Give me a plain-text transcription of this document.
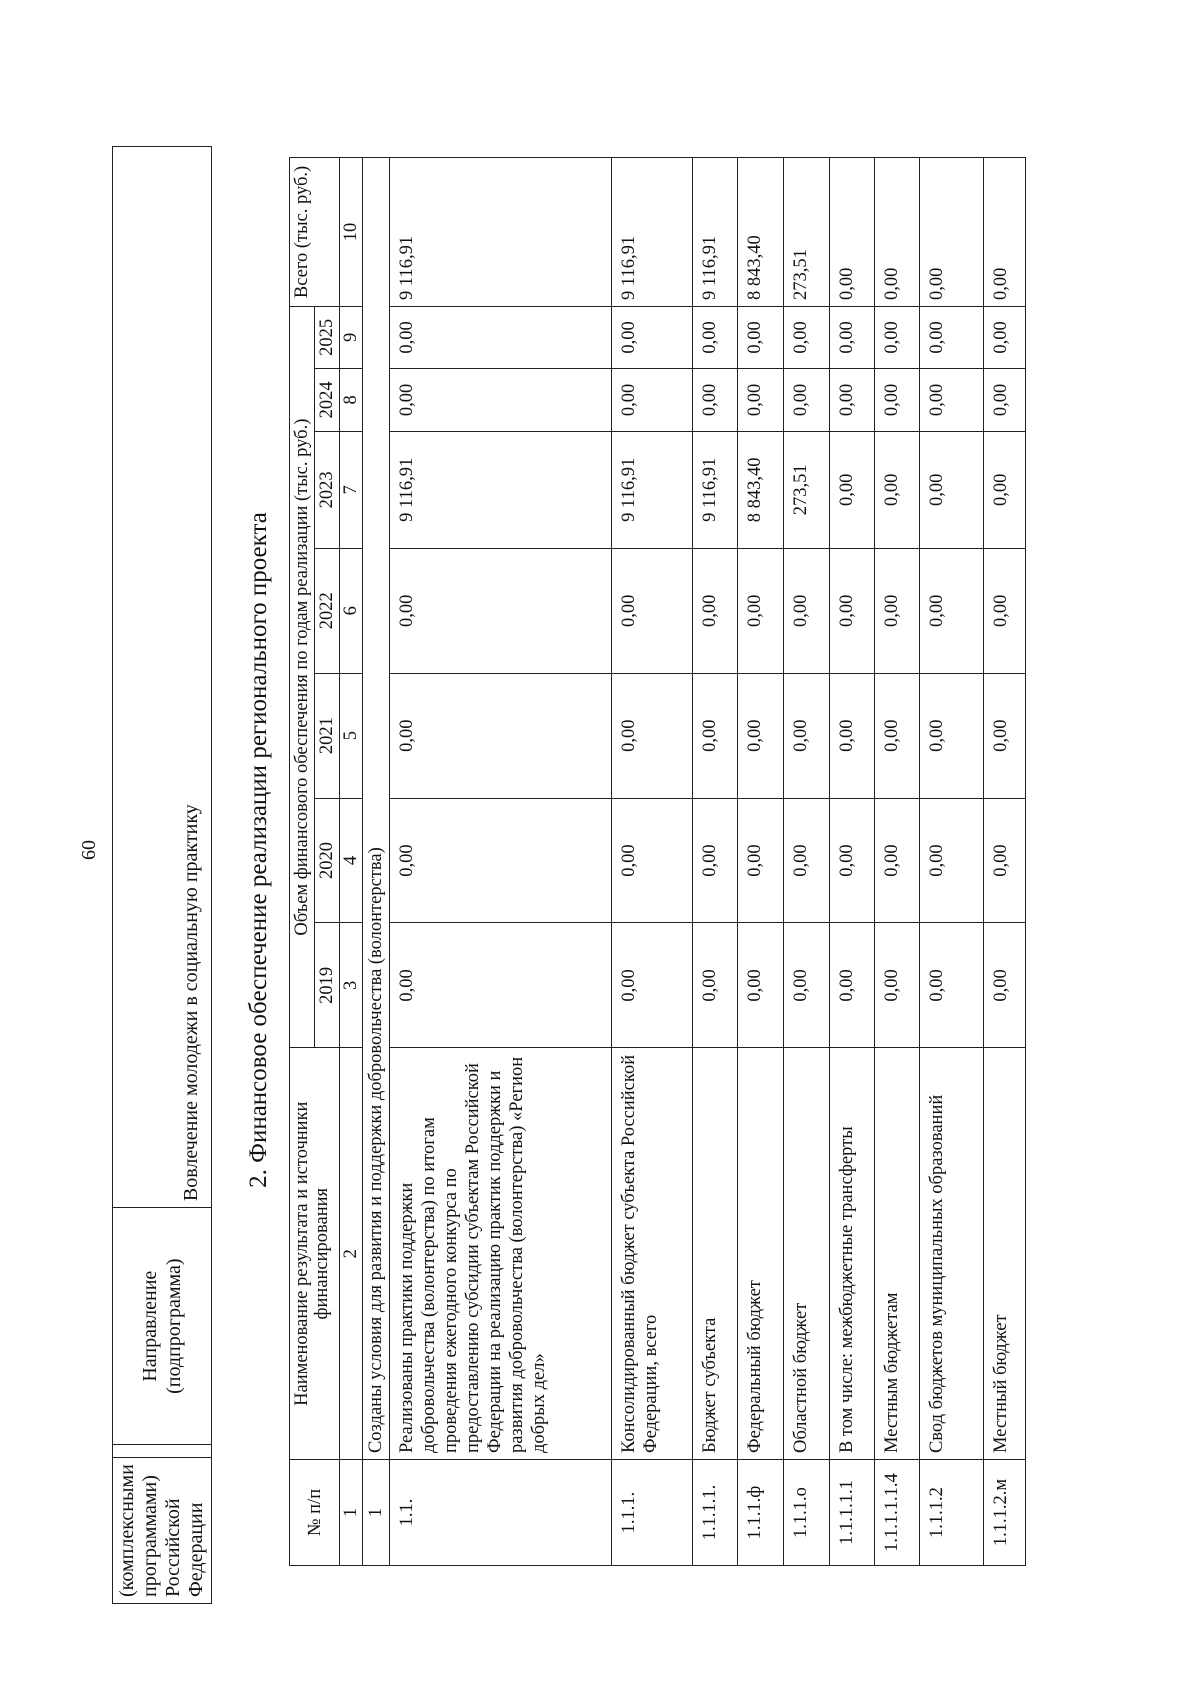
60
(комплексными программами) Российской Федерации		Направление (подпрограмма)	Вовлечение молодежи в социальную практику 2. Финансовое обеспечение реализации регионального проекта
№ п/п	Наименование результата и источники финансирования	Объем финансового обеспечения по годам реализации (тыс. руб.)							Всего (тыс. руб.)
		2019	2020	2021	2022	2023	2024	2025	
1	2	3	4	5	6	7	8	9	10
1	Созданы условия для развития и поддержки добровольчества (волонтерства)								
1.1.	Реализованы практики поддержки добровольчества (волонтерства) по итогам проведения ежегодного конкурса по предоставлению субсидии субъектам Российской Федерации на реализацию практик поддержки и развития добровольчества (волонтерства) «Регион добрых дел»	0,00	0,00	0,00	0,00	9 116,91	0,00	0,00	9 116,91
1.1.1.	Консолидированный бюджет субъекта Российской Федерации, всего	0,00	0,00	0,00	0,00	9 116,91	0,00	0,00	9 116,91
1.1.1.1.	Бюджет субъекта	0,00	0,00	0,00	0,00	9 116,91	0,00	0,00	9 116,91
1.1.1.ф	Федеральный бюджет	0,00	0,00	0,00	0,00	8 843,40	0,00	0,00	8 843,40
1.1.1.о	Областной бюджет	0,00	0,00	0,00	0,00	273,51	0,00	0,00	273,51
1.1.1.1.1	В том числе: межбюджетные трансферты	0,00	0,00	0,00	0,00	0,00	0,00	0,00	0,00
1.1.1.1.1.4	Местным бюджетам	0,00	0,00	0,00	0,00	0,00	0,00	0,00	0,00
1.1.1.2	Свод бюджетов муниципальных образований	0,00	0,00	0,00	0,00	0,00	0,00	0,00	0,00
1.1.1.2.м	Местный бюджет	0,00	0,00	0,00	0,00	0,00	0,00	0,00	0,00
